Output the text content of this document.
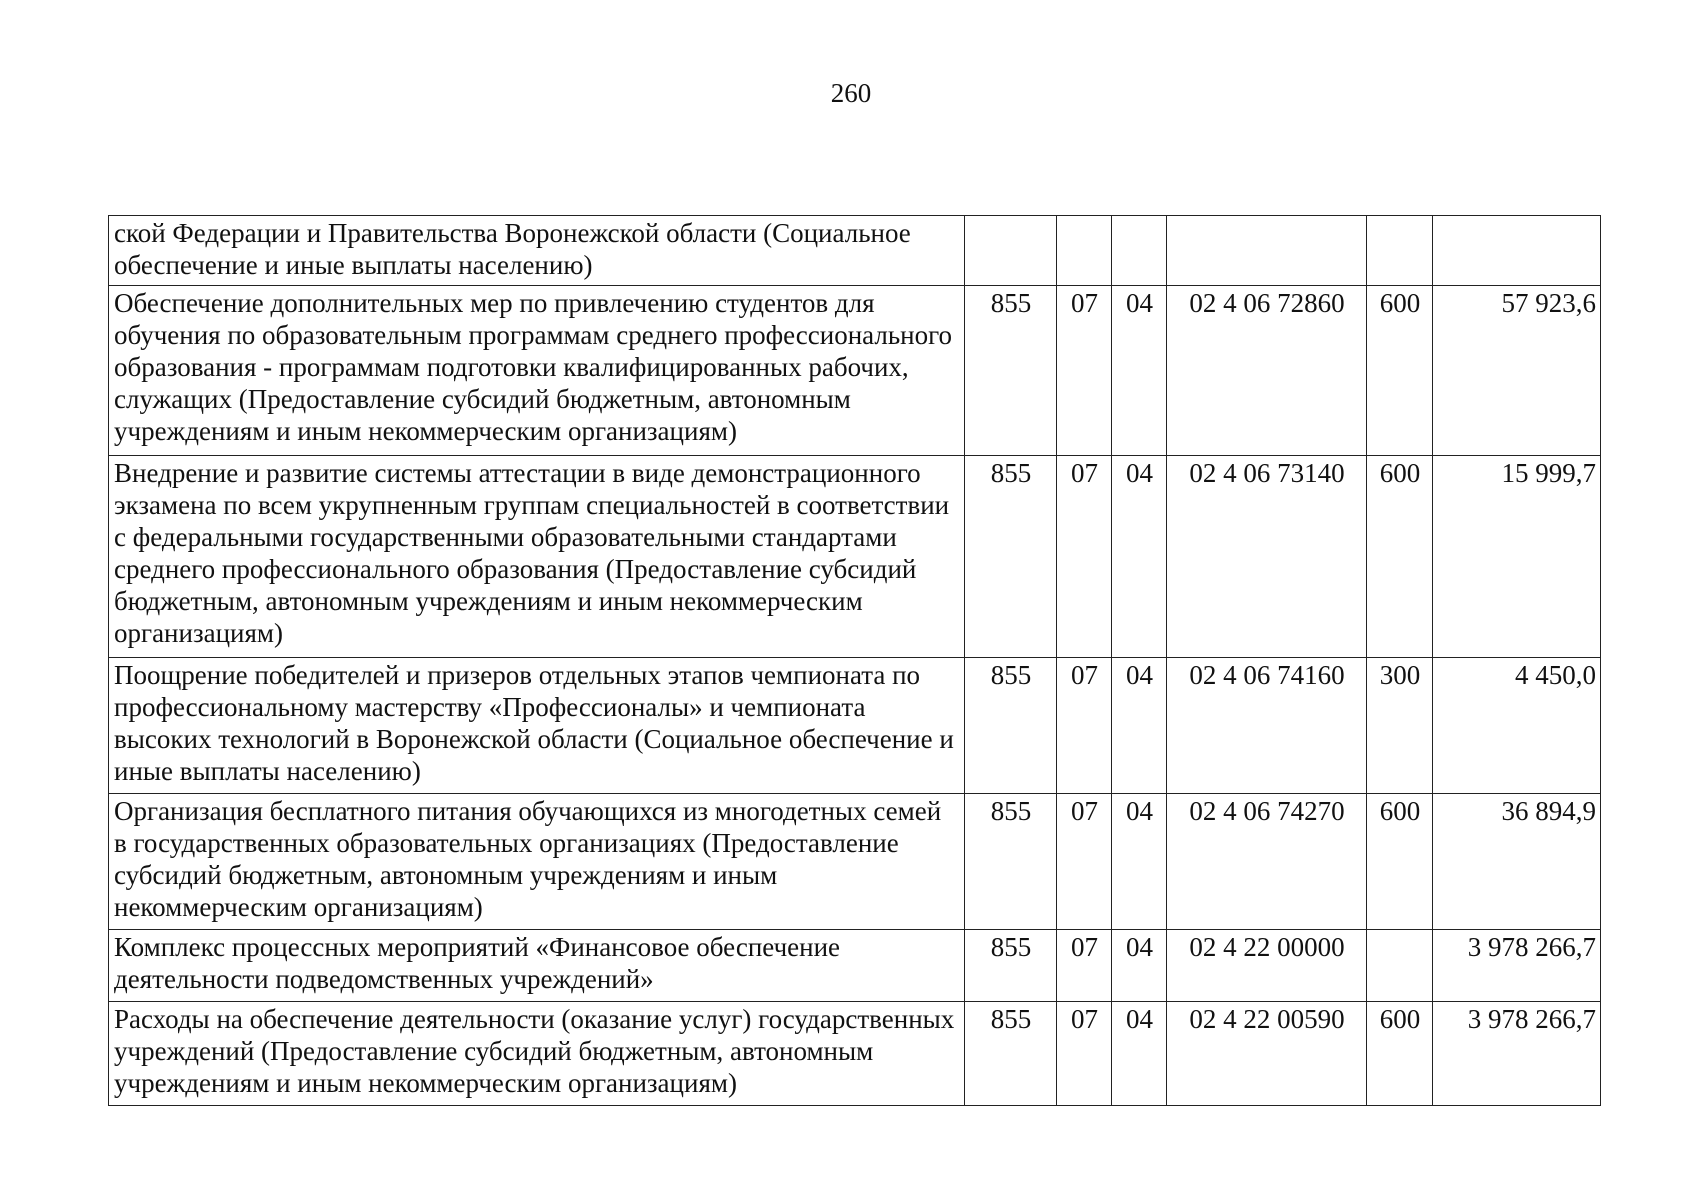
260
ской Федерации и Правительства Воронежской области (Социальное обеспечение и иные выплаты населению)						
Обеспечение дополнительных мер по привлечению студентов для обучения по образовательным программам среднего профессионального образования - программам подготовки квалифицированных рабочих, служащих (Предоставление субсидий бюджетным, автономным учреждениям и иным некоммерческим организациям)	855	07	04	02 4 06 72860	600	57 923,6
Внедрение и развитие системы аттестации в виде демонстрационного экзамена по всем укрупненным группам специальностей в соответствии с федеральными государственными образовательными стандартами среднего профессионального образования (Предоставление субсидий бюджетным, автономным учреждениям и иным некоммерческим организациям)	855	07	04	02 4 06 73140	600	15 999,7
Поощрение победителей и призеров отдельных этапов чемпионата по профессиональному мастерству «Профессионалы» и чемпионата высоких технологий в Воронежской области (Социальное обеспечение и иные выплаты населению)	855	07	04	02 4 06 74160	300	4 450,0
Организация бесплатного питания обучающихся из многодетных семей в государственных образовательных организациях (Предоставление субсидий бюджетным, автономным учреждениям и иным некоммерческим организациям)	855	07	04	02 4 06 74270	600	36 894,9
Комплекс процессных мероприятий «Финансовое обеспечение деятельности подведомственных учреждений»	855	07	04	02 4 22 00000		3 978 266,7
Расходы на обеспечение деятельности (оказание услуг) государственных учреждений (Предоставление субсидий бюджетным, автономным учреждениям и иным некоммерческим организациям)	855	07	04	02 4 22 00590	600	3 978 266,7
